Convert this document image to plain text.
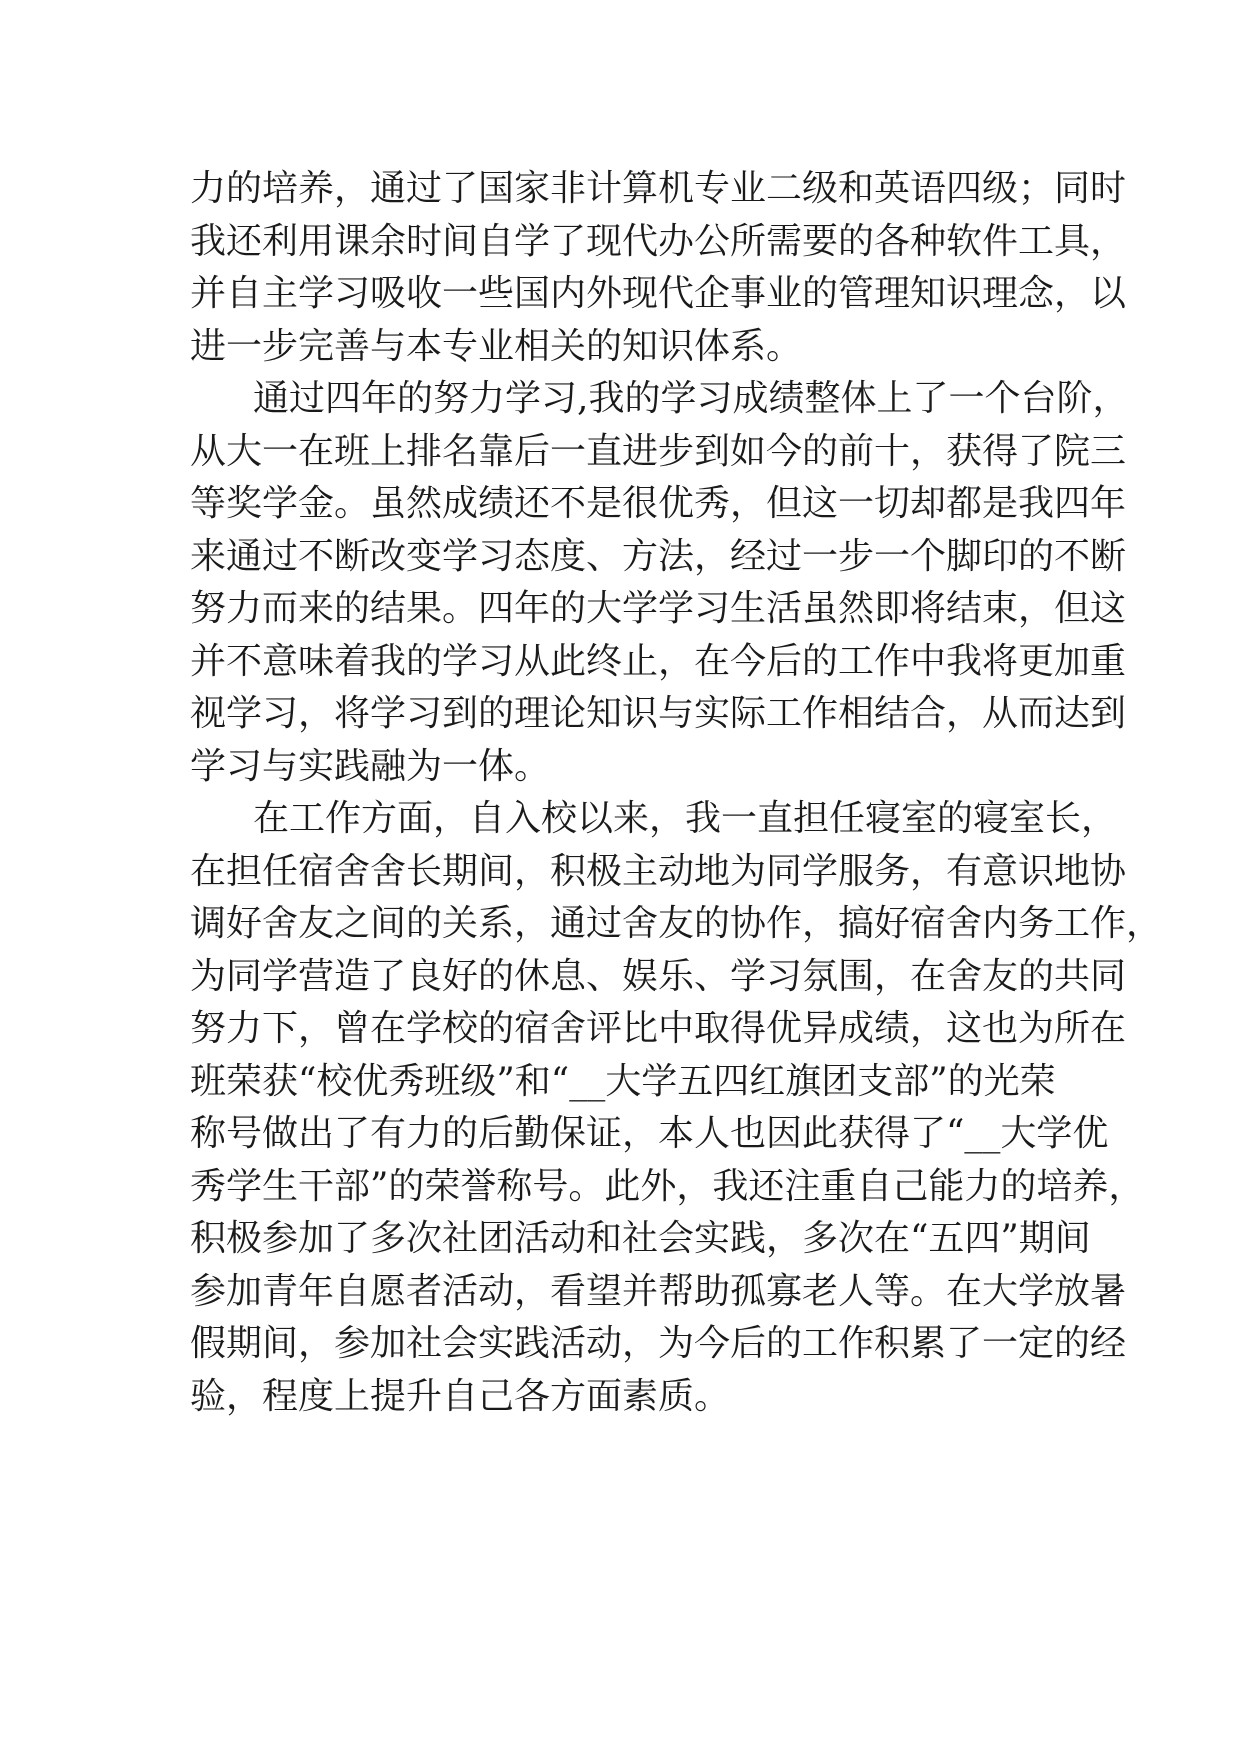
力的培养，通过了国家非计算机专业二级和英语四级；同时
我还利用课余时间自学了现代办公所需要的各种软件工具，
并自主学习吸收一些国内外现代企事业的管理知识理念，以
进一步完善与本专业相关的知识体系。
通过四年的努力学习,我的学习成绩整体上了一个台阶，
从大一在班上排名靠后一直进步到如今的前十，获得了院三
等奖学金。虽然成绩还不是很优秀，但这一切却都是我四年
来通过不断改变学习态度、方法，经过一步一个脚印的不断
努力而来的结果。四年的大学学习生活虽然即将结束，但这
并不意味着我的学习从此终止，在今后的工作中我将更加重
视学习，将学习到的理论知识与实际工作相结合，从而达到
学习与实践融为一体。
在工作方面，自入校以来，我一直担任寝室的寝室长，
在担任宿舍舍长期间，积极主动地为同学服务，有意识地协
调好舍友之间的关系，通过舍友的协作，搞好宿舍内务工作，
为同学营造了良好的休息、娱乐、学习氛围，在舍友的共同
努力下，曾在学校的宿舍评比中取得优异成绩，这也为所在
班荣获“校优秀班级”和“__大学五四红旗团支部”的光荣
称号做出了有力的后勤保证，本人也因此获得了“__大学优
秀学生干部”的荣誉称号。此外，我还注重自己能力的培养，
积极参加了多次社团活动和社会实践，多次在“五四”期间
参加青年自愿者活动，看望并帮助孤寡老人等。在大学放暑
假期间，参加社会实践活动，为今后的工作积累了一定的经
验，程度上提升自己各方面素质。
